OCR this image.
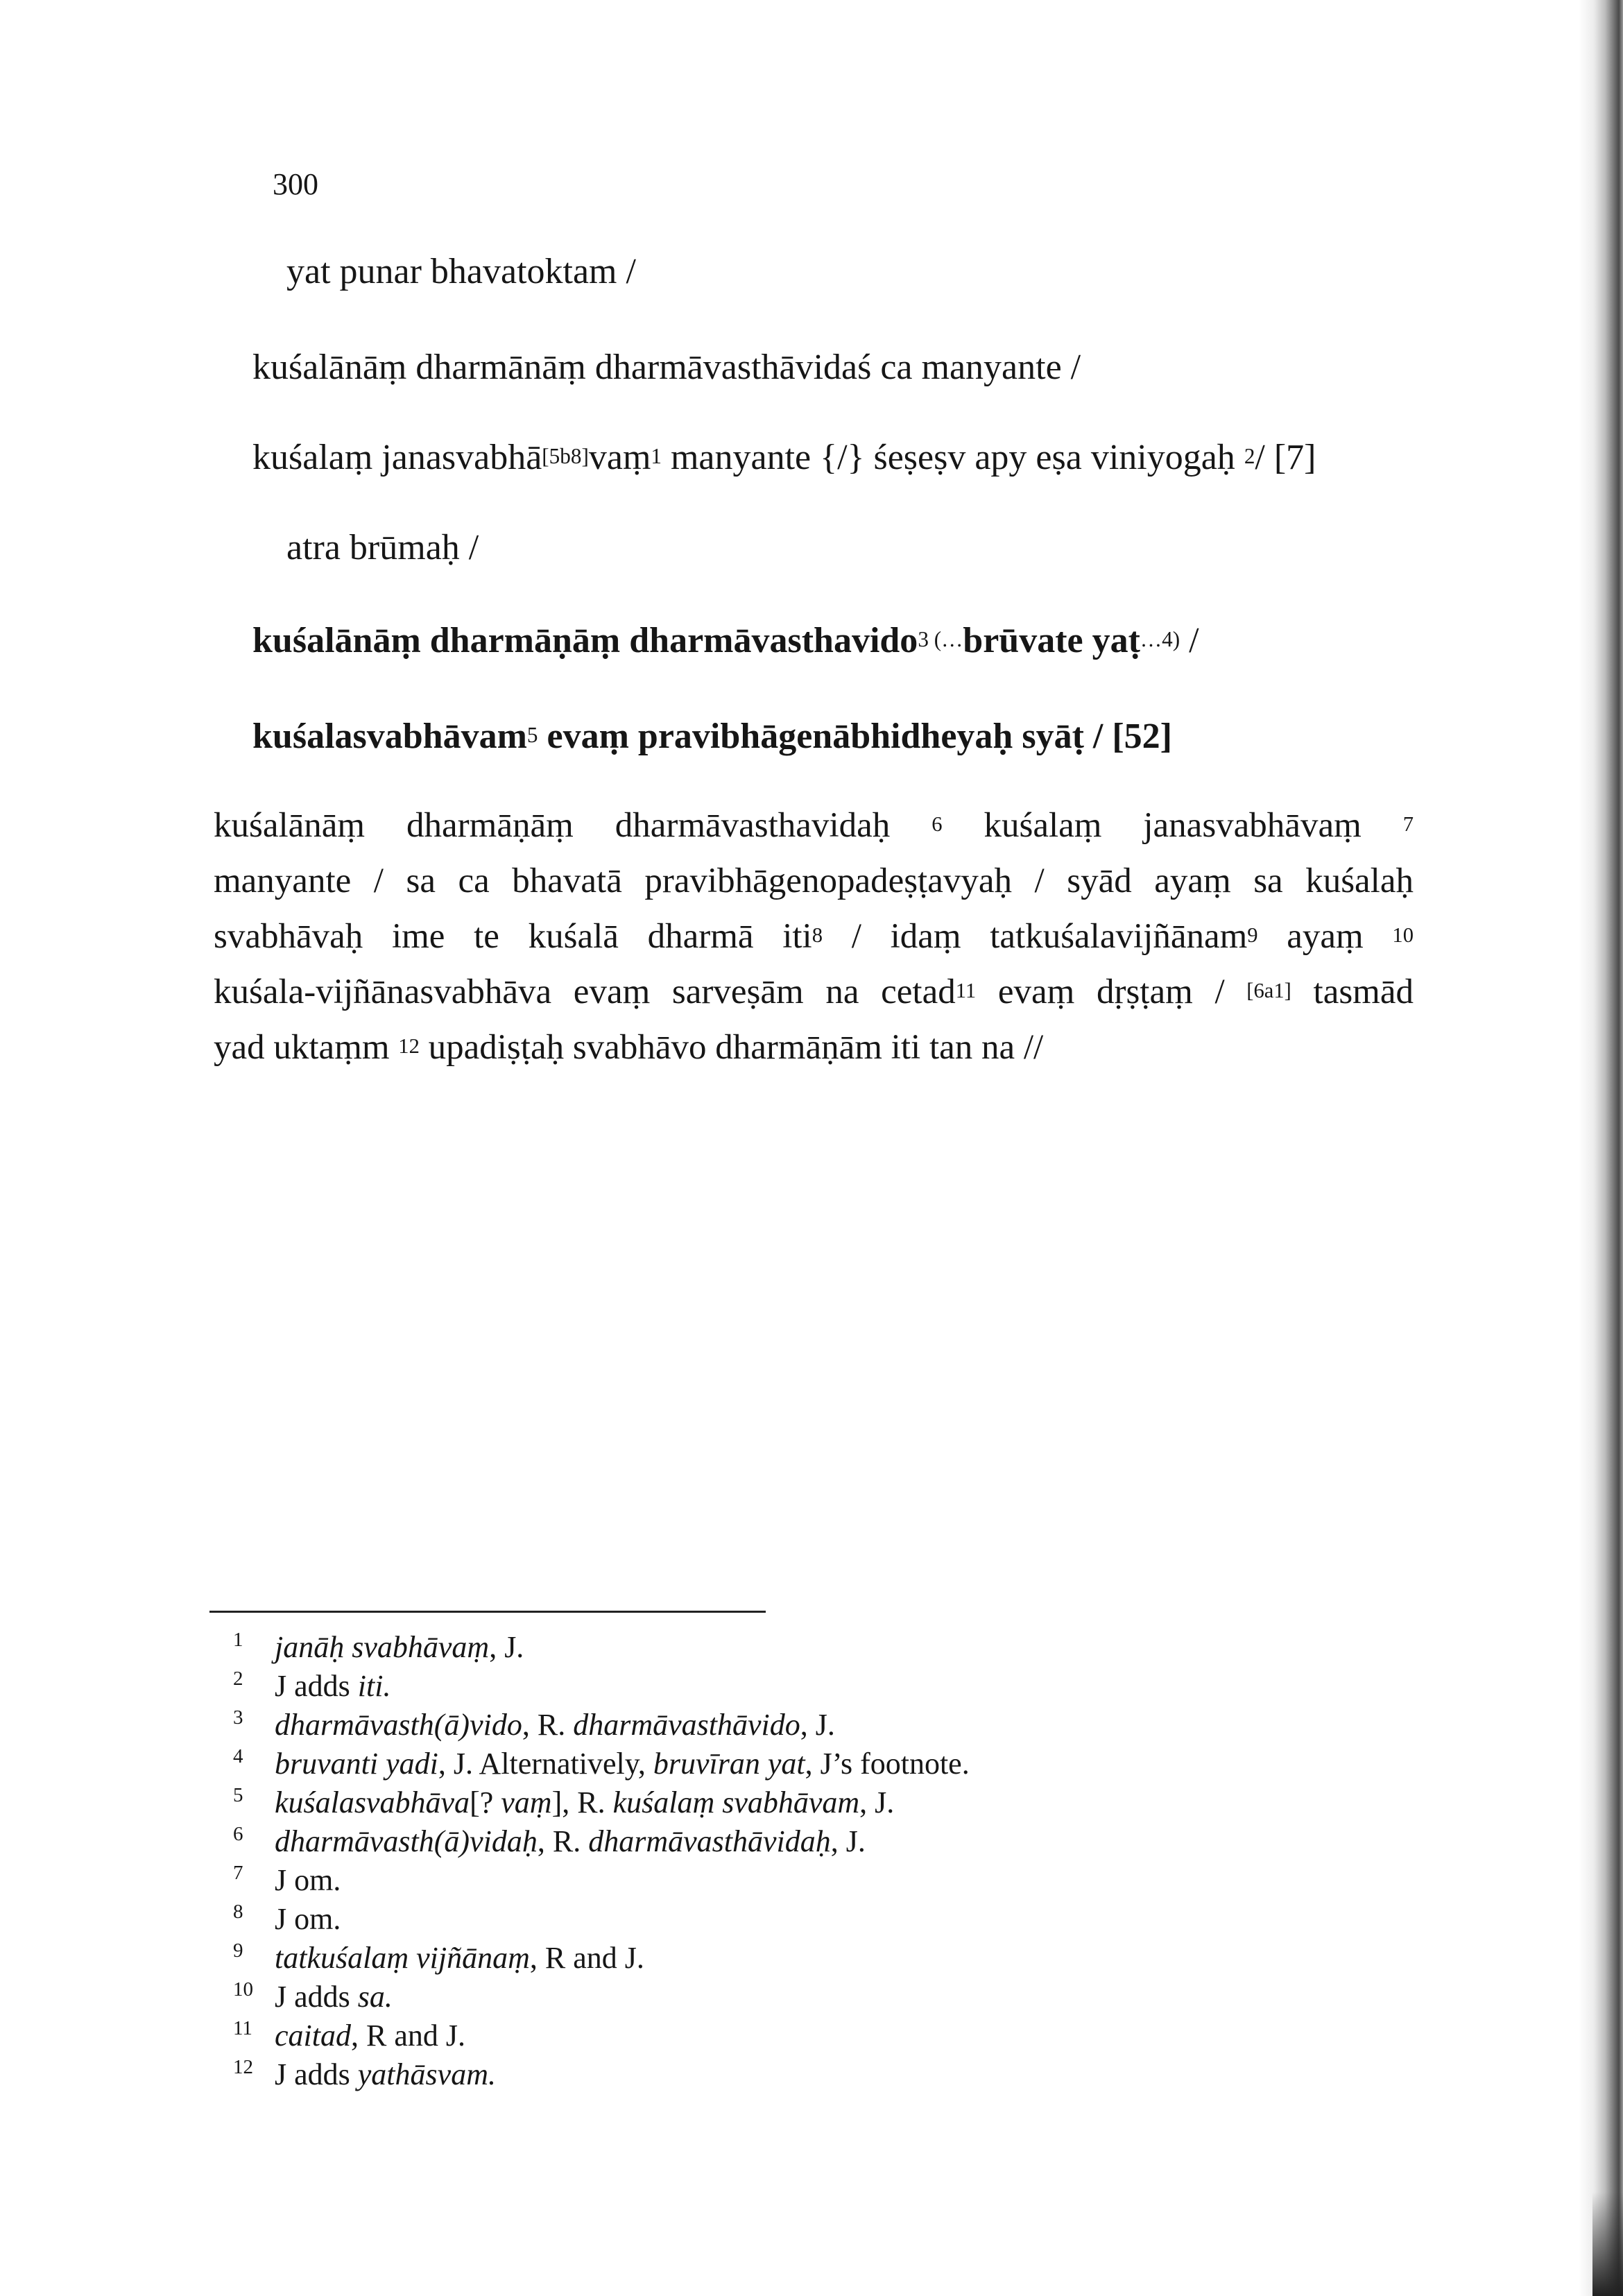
300
yat punar bhavatoktam /
kuśalānāṃ dharmānāṃ dharmāvasthāvidaś ca manyante /
kuśalaṃ janasvabhā[5b8]vaṃ$^1$ manyante {/} śeṣeṣv apy eṣa viniyogaḥ $^2$/ [7]
atra brūmaḥ /
kuśalānāṃ dharmāṇāṃ dharmāvasthavido$^3$ (…brūvate yaṭ$^{\dots 4)}$ /
kuśalasvabhāvam$^5$ evaṃ pravibhāgenābhidheyaḥ syāṭ / [52]
kuśalānāṃ dharmāṇāṃ dharmāvasthavidaḥ $^6$ kuśalaṃ janasvabhāvaṃ $^7$
manyante / sa ca bhavatā pravibhāgenopadeṣṭavyaḥ / syād ayaṃ sa kuśalaḥ
svabhāvaḥ ime te kuśalā dharmā iti$^8$ / idaṃ tatkuśalavijñānam$^9$ ayaṃ $^{10}$
kuśala-vijñānasvabhāva evaṃ sarveṣām na cetad$^{11}$ evaṃ dṛṣṭaṃ / [6a1] tasmād
yad uktaṃm $^{12}$ upadiṣṭaḥ svabhāvo dharmāṇām iti tan na //
1 janāḥ svabhāvaṃ, J.
2 J adds iti.
3 dharmāvasth(ā)vido, R. dharmāvasthāvido, J.
4 bruvanti yadi, J. Alternatively, bruvīran yat, J’s footnote.
5 kuśalasvabhāva[? vaṃ], R. kuśalaṃ svabhāvam, J.
6 dharmāvasth(ā)vidaḥ, R. dharmāvasthāvidaḥ, J.
7 J om.
8 J om.
9 tatkuśalaṃ vijñānaṃ, R and J.
10 J adds sa.
11 caitad, R and J.
12 J adds yathāsvam.
